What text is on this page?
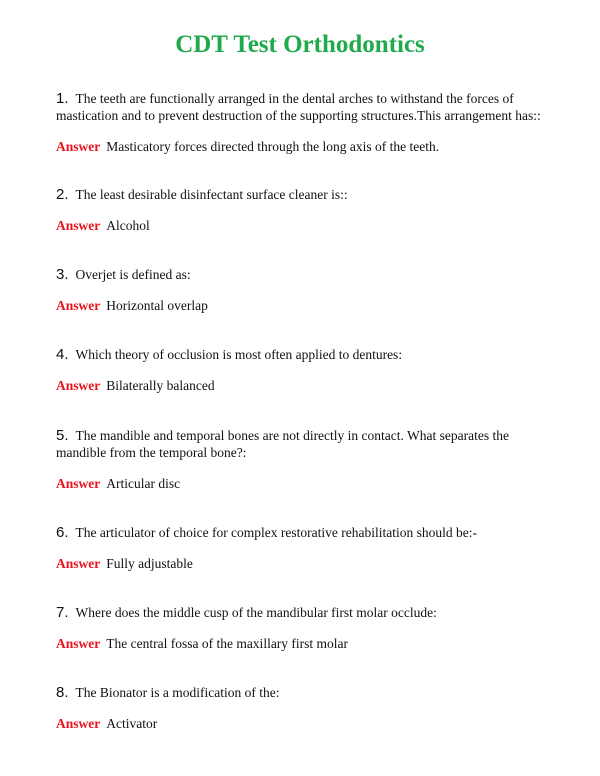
CDT Test Orthodontics
1. The teeth are functionally arranged in the dental arches to withstand the forces of mastication and to prevent destruction of the supporting structures.This arrangement has::
Answer Masticatory forces directed through the long axis of the teeth.
2. The least desirable disinfectant surface cleaner is::
Answer Alcohol
3. Overjet is defined as:
Answer Horizontal overlap
4. Which theory of occlusion is most often applied to dentures:
Answer Bilaterally balanced
5. The mandible and temporal bones are not directly in contact. What separates the mandible from the temporal bone?:
Answer Articular disc
6. The articulator of choice for complex restorative rehabilitation should be:-
Answer Fully adjustable
7. Where does the middle cusp of the mandibular first molar occlude:
Answer The central fossa of the maxillary first molar
8. The Bionator is a modification of the:
Answer Activator
